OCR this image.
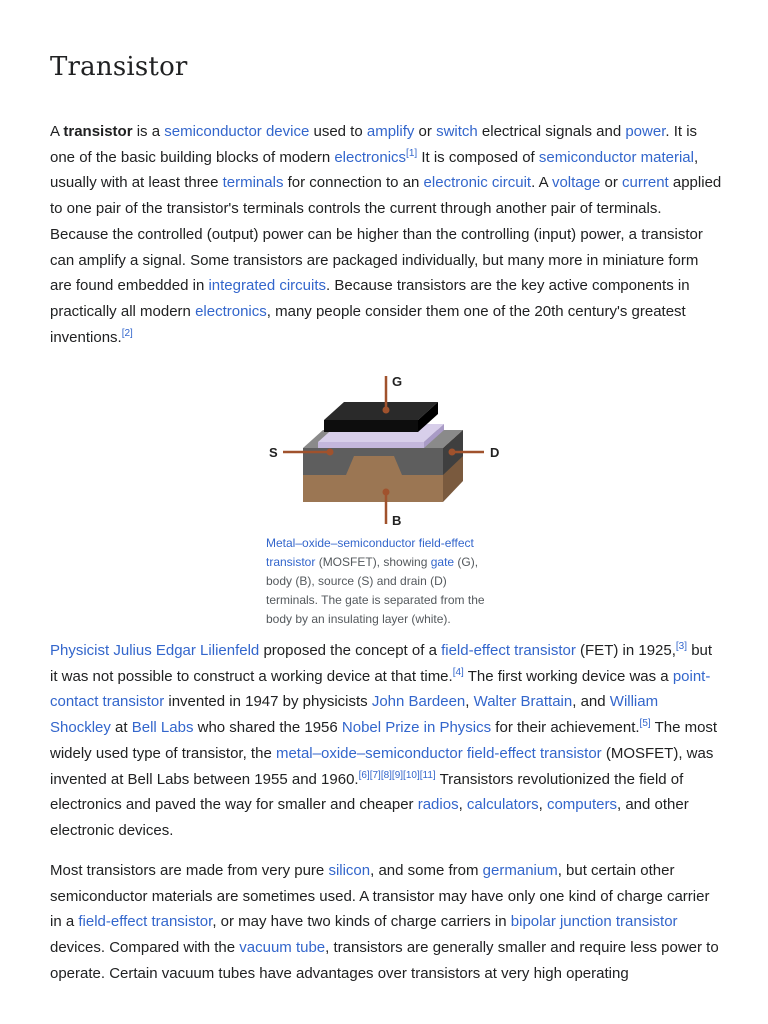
Transistor

A transistor is a semiconductor device used to amplify or switch electrical signals and power. It is one of the basic building blocks of modern electronics[1] It is composed of semiconductor material, usually with at least three terminals for connection to an electronic circuit. A voltage or current applied to one pair of the transistor's terminals controls the current through another pair of terminals. Because the controlled (output) power can be higher than the controlling (input) power, a transistor can amplify a signal. Some transistors are packaged individually, but many more in miniature form are found embedded in integrated circuits. Because transistors are the key active components in practically all modern electronics, many people consider them one of the 20th century's greatest inventions.[2]

G
S	D
B
Metal–oxide–semiconductor field-effect transistor (MOSFET), showing gate (G), body (B), source (S) and drain (D) terminals. The gate is separated from the body by an insulating layer (white).

Physicist Julius Edgar Lilienfeld proposed the concept of a field-effect transistor (FET) in 1925,[3] but it was not possible to construct a working device at that time.[4] The first working device was a point-contact transistor invented in 1947 by physicists John Bardeen, Walter Brattain, and William Shockley at Bell Labs who shared the 1956 Nobel Prize in Physics for their achievement.[5] The most widely used type of transistor, the metal–oxide–semiconductor field-effect transistor (MOSFET), was invented at Bell Labs between 1955 and 1960.[6][7][8][9][10][11] Transistors revolutionized the field of electronics and paved the way for smaller and cheaper radios, calculators, computers, and other electronic devices.

Most transistors are made from very pure silicon, and some from germanium, but certain other semiconductor materials are sometimes used. A transistor may have only one kind of charge carrier in a field-effect transistor, or may have two kinds of charge carriers in bipolar junction transistor devices. Compared with the vacuum tube, transistors are generally smaller and require less power to operate. Certain vacuum tubes have advantages over transistors at very high operating
